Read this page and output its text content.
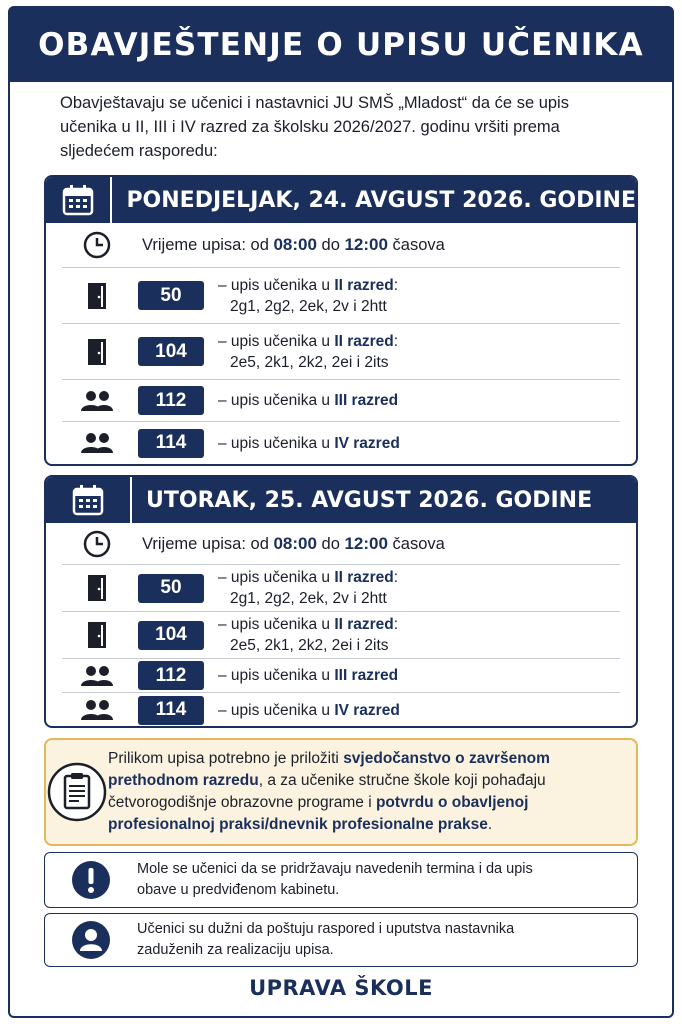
OBAVJEŠTENJE O UPISU UČENIKA

Obavještavaju se učenici i nastavnici JU SMŠ „Mladost“ da će se upis učenika u II, III i IV razred za školsku 2026/2027. godinu vršiti prema sljedećem rasporedu:

PONEDJELJAK, 24. AVGUST 2026. GODINE
Vrijeme upisa: od 08:00 do 12:00 časova
50	– upis učenika u II razred:
2g1, 2g2, 2ek, 2v i 2htt
104	– upis učenika u II razred:
2e5, 2k1, 2k2, 2ei i 2its
112	– upis učenika u III razred
114	– upis učenika u IV razred
UTORAK, 25. AVGUST 2026. GODINE
Vrijeme upisa: od 08:00 do 12:00 časova
50	– upis učenika u II razred:
2g1, 2g2, 2ek, 2v i 2htt
104	– upis učenika u II razred:
2e5, 2k1, 2k2, 2ei i 2its
112	– upis učenika u III razred
114	– upis učenika u IV razred
Prilikom upisa potrebno je priložiti svjedočanstvo o završenom prethodnom razredu, a za učenike stručne škole koji pohađaju četvorogodišnje obrazovne programe i potvrdu o obavljenoj profesionalnoj praksi/dnevnik profesionalne prakse.
Mole se učenici da se pridržavaju navedenih termina i da upis obave u predviđenom kabinetu.
Učenici su dužni da poštuju raspored i uputstva nastavnika zaduženih za realizaciju upisa.
UPRAVA ŠKOLE
